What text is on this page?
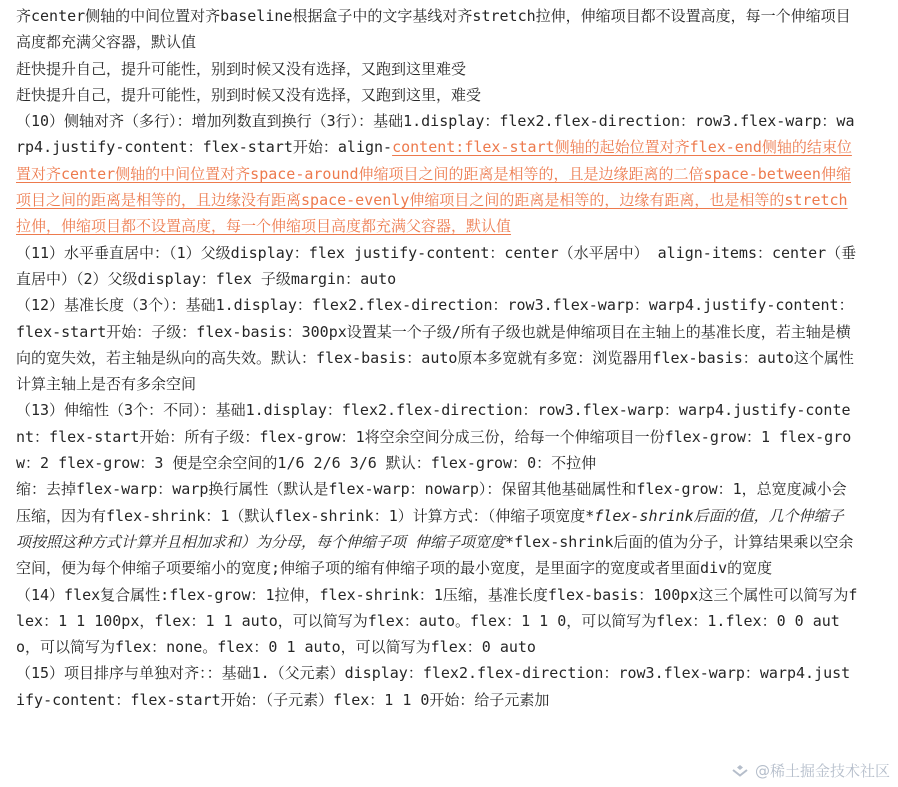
齐center侧轴的中间位置对齐baseline根据盒子中的文字基线对齐stretch拉伸，伸缩项目都不设置高度，每一个伸缩项目高度都充满父容器，默认值

赶快提升自己，提升可能性，别到时候又没有选择，又跑到这里难受

赶快提升自己，提升可能性，别到时候又没有选择，又跑到这里，难受

（10）侧轴对齐（多行）：增加列数直到换行（3行）：基础1.display：flex2.flex-direction：row3.flex-warp：warp4.justify-content：flex-start开始：align-content:flex-start侧轴的起始位置对齐flex-end侧轴的结束位置对齐center侧轴的中间位置对齐space-around伸缩项目之间的距离是相等的，且是边缘距离的二倍space-between伸缩项目之间的距离是相等的，且边缘没有距离space-evenly伸缩项目之间的距离是相等的，边缘有距离，也是相等的stretch拉伸，伸缩项目都不设置高度，每一个伸缩项目高度都充满父容器，默认值

（11）水平垂直居中：（1）父级display：flex justify-content：center（水平居中） align-items：center（垂直居中）（2）父级display：flex 子级margin：auto

（12）基准长度（3个）：基础1.display：flex2.flex-direction：row3.flex-warp：warp4.justify-content：flex-start开始：子级：flex-basis：300px设置某一个子级/所有子级也就是伸缩项目在主轴上的基准长度，若主轴是横向的宽失效，若主轴是纵向的高失效。默认：flex-basis：auto原本多宽就有多宽：浏览器用flex-basis：auto这个属性计算主轴上是否有多余空间

（13）伸缩性（3个：不同）：基础1.display：flex2.flex-direction：row3.flex-warp：warp4.justify-content：flex-start开始：所有子级：flex-grow：1将空余空间分成三份，给每一个伸缩项目一份flex-grow：1 flex-grow：2 flex-grow：3 便是空余空间的1/6 2/6 3/6 默认：flex-grow：0：不拉伸

缩：去掉flex-warp：warp换行属性（默认是flex-warp：nowarp）：保留其他基础属性和flex-grow：1，总宽度减小会压缩，因为有flex-shrink：1（默认flex-shrink：1）计算方式：（伸缩子项宽度*flex-shrink后面的值，几个伸缩子项按照这种方式计算并且相加求和）为分母，每个伸缩子项 伸缩子项宽度*flex-shrink后面的值为分子，计算结果乘以空余空间，便为每个伸缩子项要缩小的宽度;伸缩子项的缩有伸缩子项的最小宽度，是里面字的宽度或者里面div的宽度

（14）flex复合属性:flex-grow：1拉伸，flex-shrink：1压缩，基准长度flex-basis：100px这三个属性可以简写为flex：1 1 100px，flex：1 1 auto，可以简写为flex：auto。flex：1 1 0，可以简写为flex：1.flex：0 0 auto，可以简写为flex：none。flex：0 1 auto，可以简写为flex：0 auto

（15）项目排序与单独对齐：：基础1.（父元素）display：flex2.flex-direction：row3.flex-warp：warp4.justify-content：flex-start开始：（子元素）flex：1 1 0开始：给子元素加

@稀土掘金技术社区
